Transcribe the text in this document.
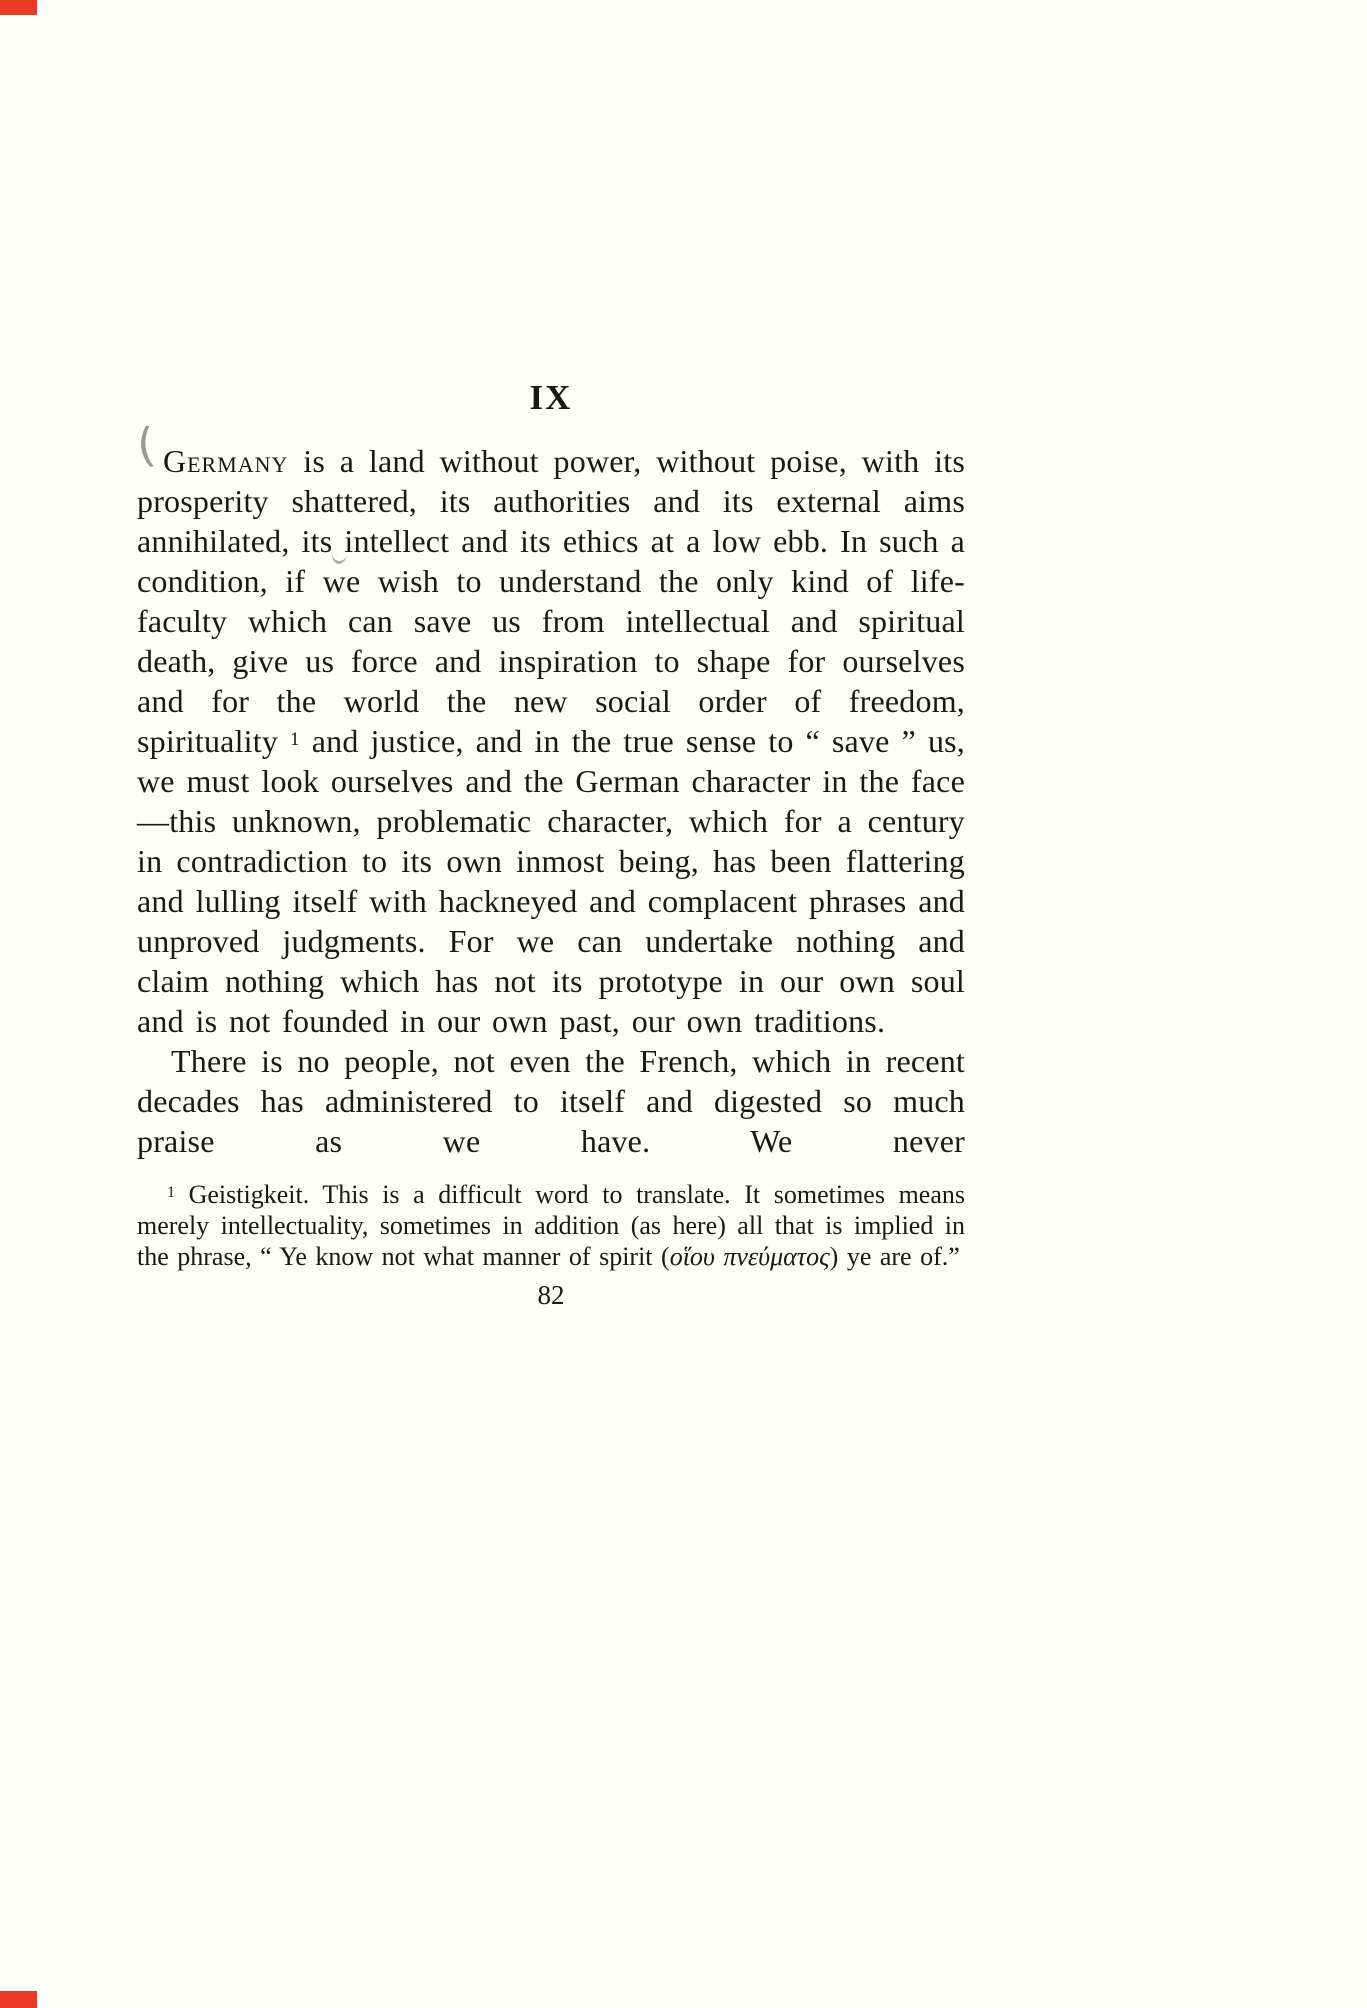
IX
( Germany is a land without power, without poise, with its prosperity shattered, its authorities and its external aims annihilated, its intellect and its ethics at a low ebb. In such a condition, if we wish to understand the only kind of life-faculty which can save us from intellectual and spiritual death, give us force and inspiration to shape for ourselves and for the world the new social order of freedom, spirituality $^1$ and justice, and in the true sense to “ save ” us, we must look ourselves and the German character in the face—this unknown, problematic character, which for a century in contradiction to its own inmost being, has been flattering and lulling itself with hackneyed and complacent phrases and unproved judgments. For we can undertake nothing and claim nothing which has not its prototype in our own soul and is not founded in our own past, our own traditions.

There is no people, not even the French, which in recent decades has administered to itself and digested so much praise as we have. We never

$^1$ Geistigkeit. This is a difficult word to translate. It sometimes means merely intellectuality, sometimes in addition (as here) all that is implied in the phrase, “ Ye know not what manner of spirit (οἵου πνεύματος) ye are of.”
82
